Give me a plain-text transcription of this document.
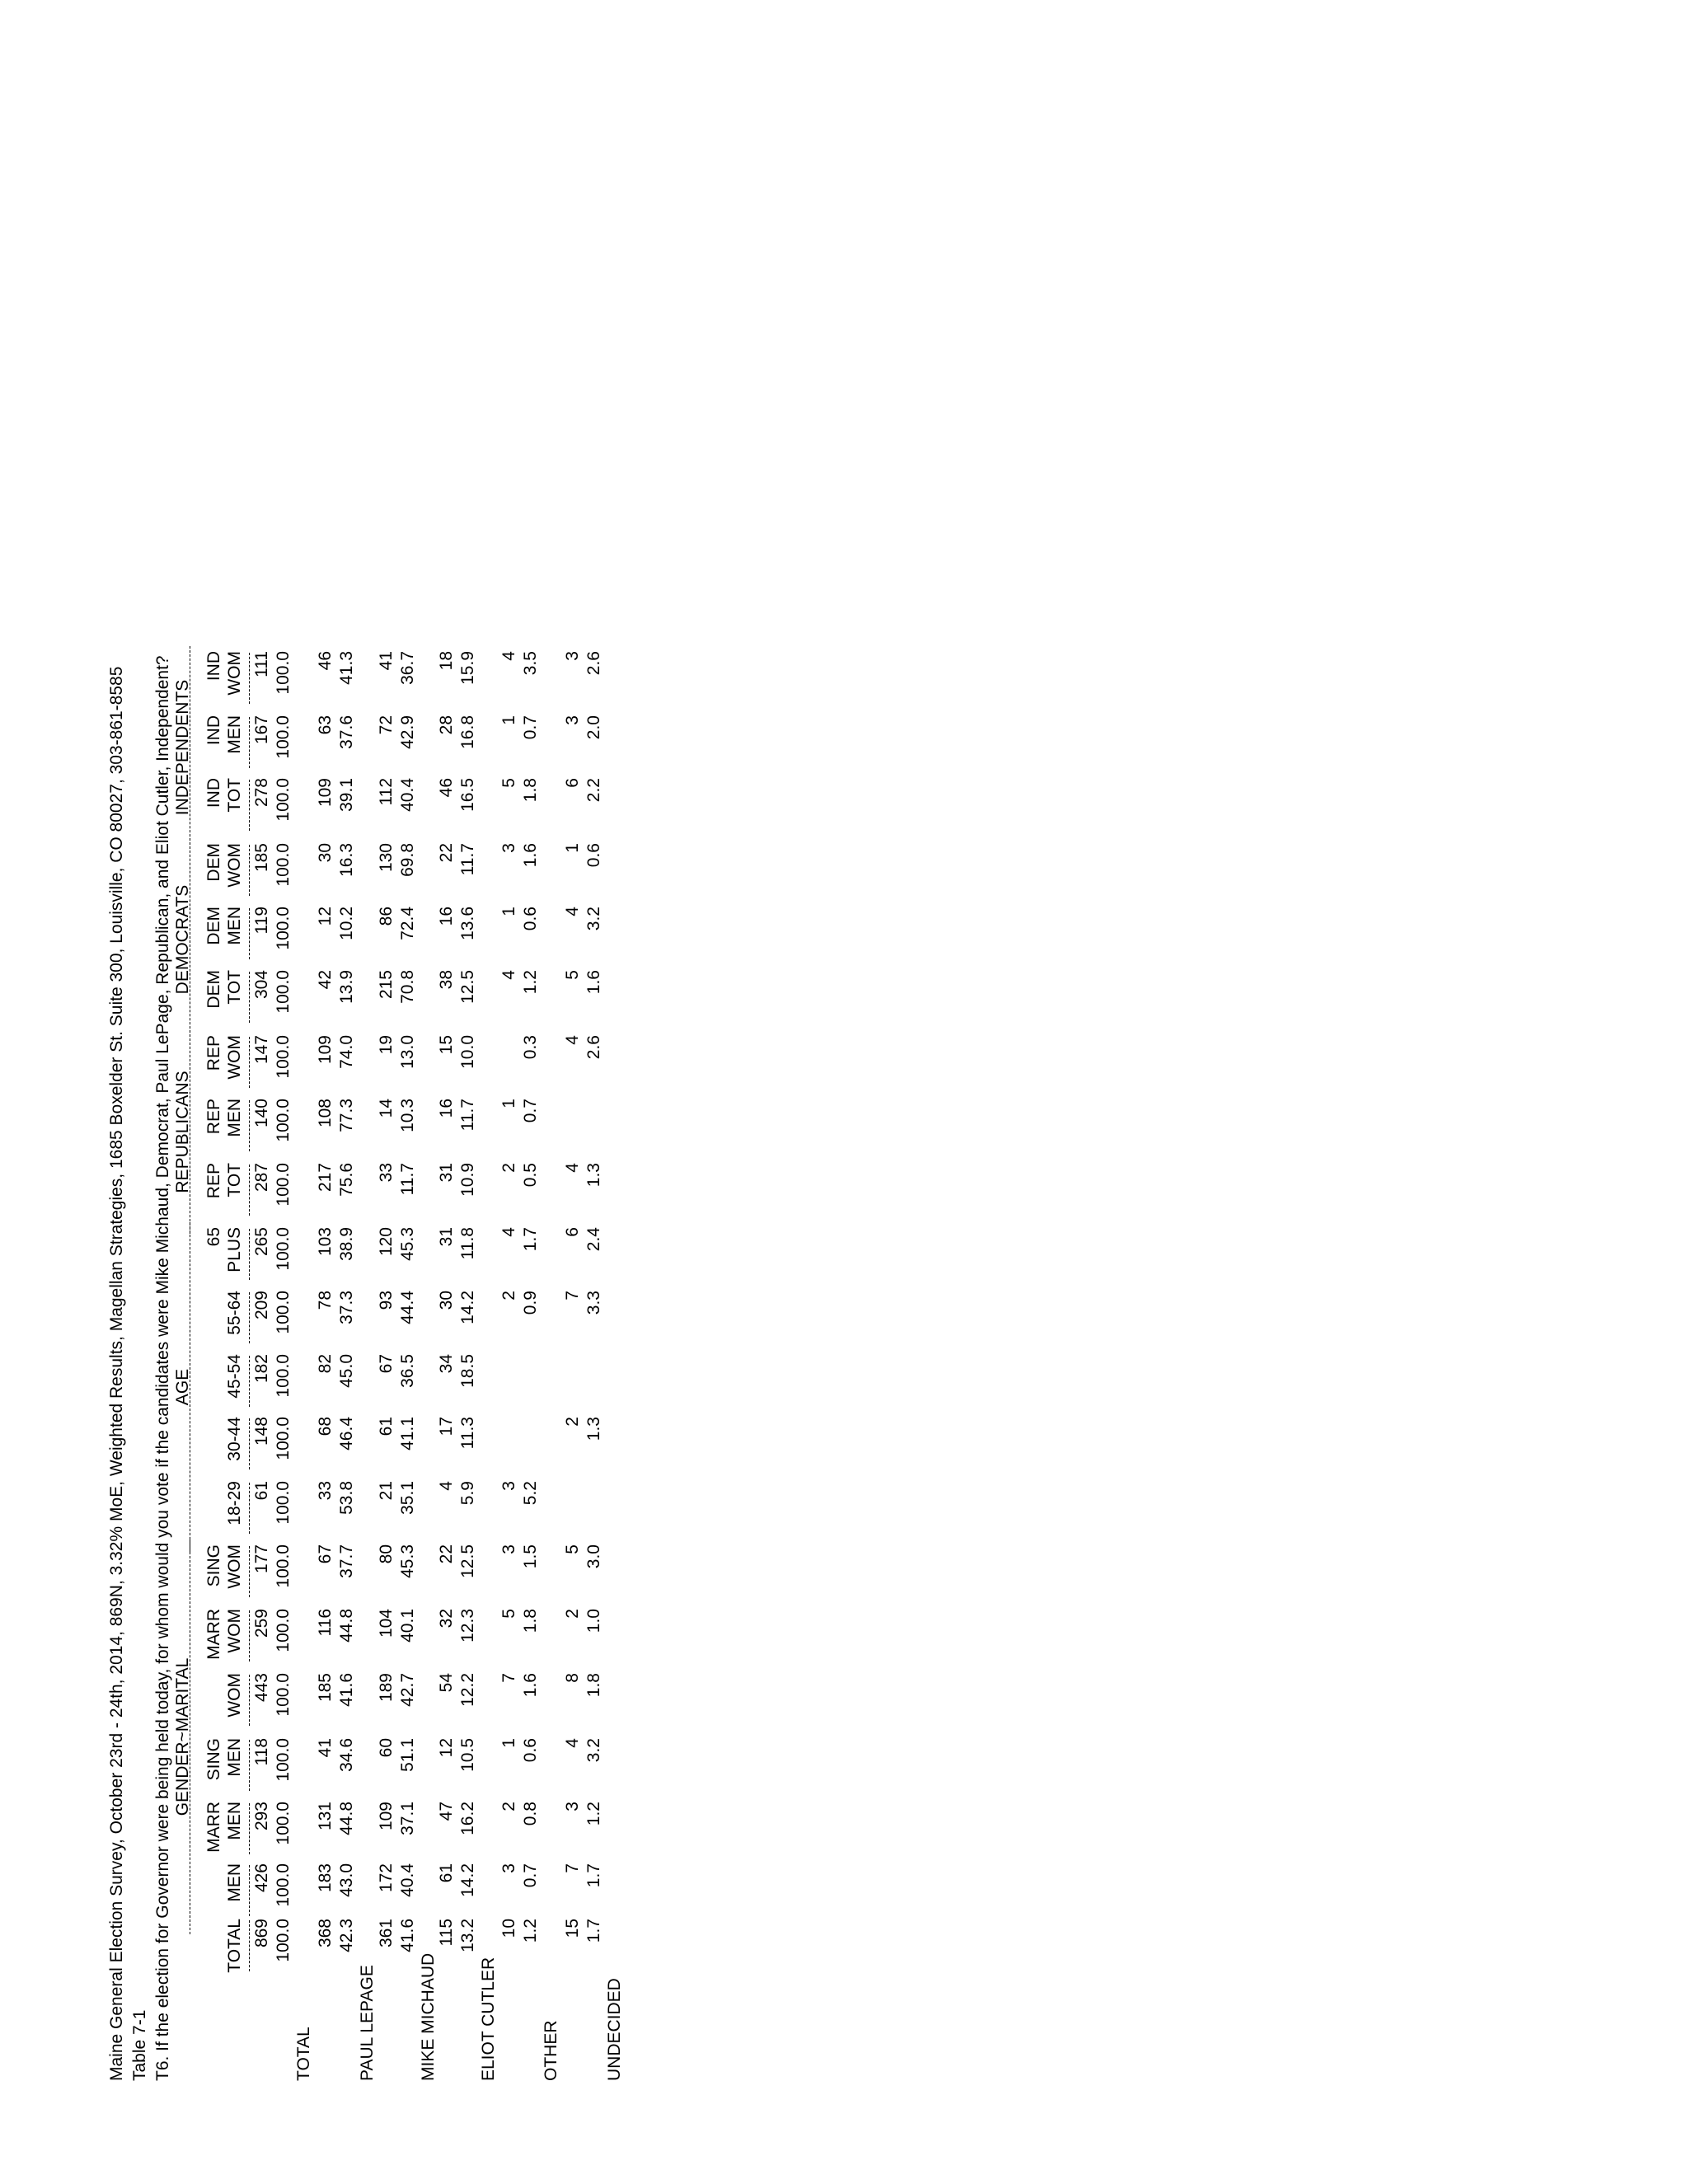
Maine General Election Survey, October 23rd - 24th, 2014, 869N, 3.32% MoE, Weighted Results, Magellan Strategies, 1685 Boxelder St. Suite 300, Louisville, CO 80027, 303-861-8585 Table 7-1 T6. If the election for Governor were being held today, for whom would you vote if the candidates were Mike Michaud, Democrat, Paul LePage, Republican, and Eliot Cutler, Independent? GENDER~MARITAL
AGE
REPUBLICANS
DEMOCRATS
INDEPENDENTS
TOTAL
MEN
MARR MEN
SING MEN
WOM
MARR WOM
SING WOM
18-29
30-44
45-54
55-64
65 PLUS
REP TOT
REP MEN
REP WOM
DEM TOT
DEM MEN
DEM WOM
IND TOT
IND MEN
IND WOM
TOTAL
869 100.0
426 100.0
293 100.0
118 100.0
443 100.0
259 100.0
177 100.0
61 100.0
148 100.0
182 100.0
209 100.0
265 100.0
287 100.0
140 100.0
147 100.0
304 100.0
119 100.0
185 100.0
278 100.0
167 100.0
111 100.0
PAUL LEPAGE
368 42.3
183 43.0
131 44.8
41 34.6
185 41.6
116 44.8
67 37.7
33 53.8
68 46.4
82 45.0
78 37.3
103 38.9
217 75.6
108 77.3
109 74.0
42 13.9
12 10.2
30 16.3
109 39.1
63 37.6
46 41.3
MIKE MICHAUD
361 41.6
172 40.4
109 37.1
60 51.1
189 42.7
104 40.1
80 45.3
21 35.1
61 41.1
67 36.5
93 44.4
120 45.3
33 11.7
14 10.3
19 13.0
215 70.8
86 72.4
130 69.8
112 40.4
72 42.9
41 36.7
ELIOT CUTLER
115 13.2
61 14.2
47 16.2
12 10.5
54 12.2
32 12.3
22 12.5
4 5.9
17 11.3
34 18.5
30 14.2
31 11.8
31 10.9
16 11.7
15 10.0
38 12.5
16 13.6
22 11.7
46 16.5
28 16.8
18 15.9
OTHER
10 1.2
3 0.7
2 0.8
1 0.6
7 1.6
5 1.8
3 1.5
3 5.2
2 0.9
4 1.7
2 0.5
1 0.7
0.3
4 1.2
1 0.6
3 1.6
5 1.8
1 0.7
4 3.5
UNDECIDED
15 1.7
7 1.7
3 1.2
4 3.2
8 1.8
2 1.0
5 3.0
2 1.3
7 3.3
6 2.4
4 1.3
4 2.6
5 1.6
4 3.2
1 0.6
6 2.2
3 2.0
3 2.6
